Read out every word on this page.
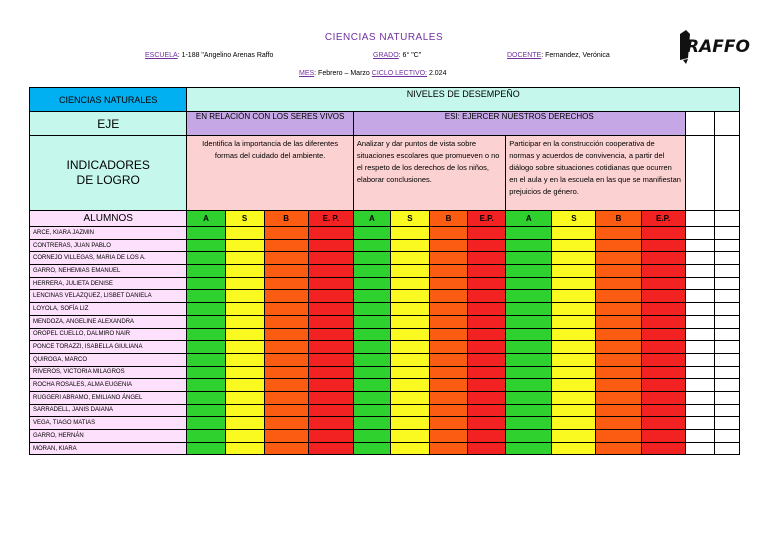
CIENCIAS NATURALES
ESCUELA: 1-188 "Angelino Arenas Raffo	GRADO: 6° "C"	DOCENTE: Fernandez, Verónica
MES: Febrero – Marzo CICLO LECTIVO: 2.024
RAFFO
CIENCIAS NATURALES	NIVELES DE DESEMPEÑO													
EJE	EN RELACIÓN CON LOS SERES VIVOS				ESI: EJERCER NUESTROS DERECHOS									
INDICADORES
DE LOGRO	Identifica la importancia de las diferentes formas del cuidado del ambiente.				Analizar y dar puntos de vista sobre situaciones escolares que promueven o no el respeto de los derechos de los niños, elaborar conclusiones.				Participar en la construcción cooperativa de normas y acuerdos de convivencia, a partir del diálogo sobre situaciones cotidianas que ocurren en el aula y en la escuela en las que se manifiestan prejuicios de género.					
ALUMNOS	A	S	B	E. P.	A	S	B	E.P.	A	S	B	E.P.		
ARCE, KIARA JAZMIN														
CONTRERAS, JUAN PABLO														
CORNEJO VILLEGAS, MARIA DE LOS A.														
GARRO, NEHEMIAS EMANUEL														
HERRERA, JULIETA DENISE														
LENCINAS VELAZQUEZ, LISBET DANIELA														
LOYOLA, SOFÍA LIZ														
MENDOZA, ANGELINE ALEXANDRA														
OROPEL CUELLO, DALMIRO NAIR														
PONCE TORAZZI, ISABELLA GIULIANA														
QUIROGA, MARCO														
RIVEROS, VICTORIA MILAGROS														
ROCHA ROSALES, ALMA EUGENIA														
RUGGERI ABRAMO, EMILIANO ÁNGEL														
SARRADELL, JANIS DAIANA														
VEGA, TIAGO MATIAS														
GARRO, HERNÁN														
MORAN, KIARA														
